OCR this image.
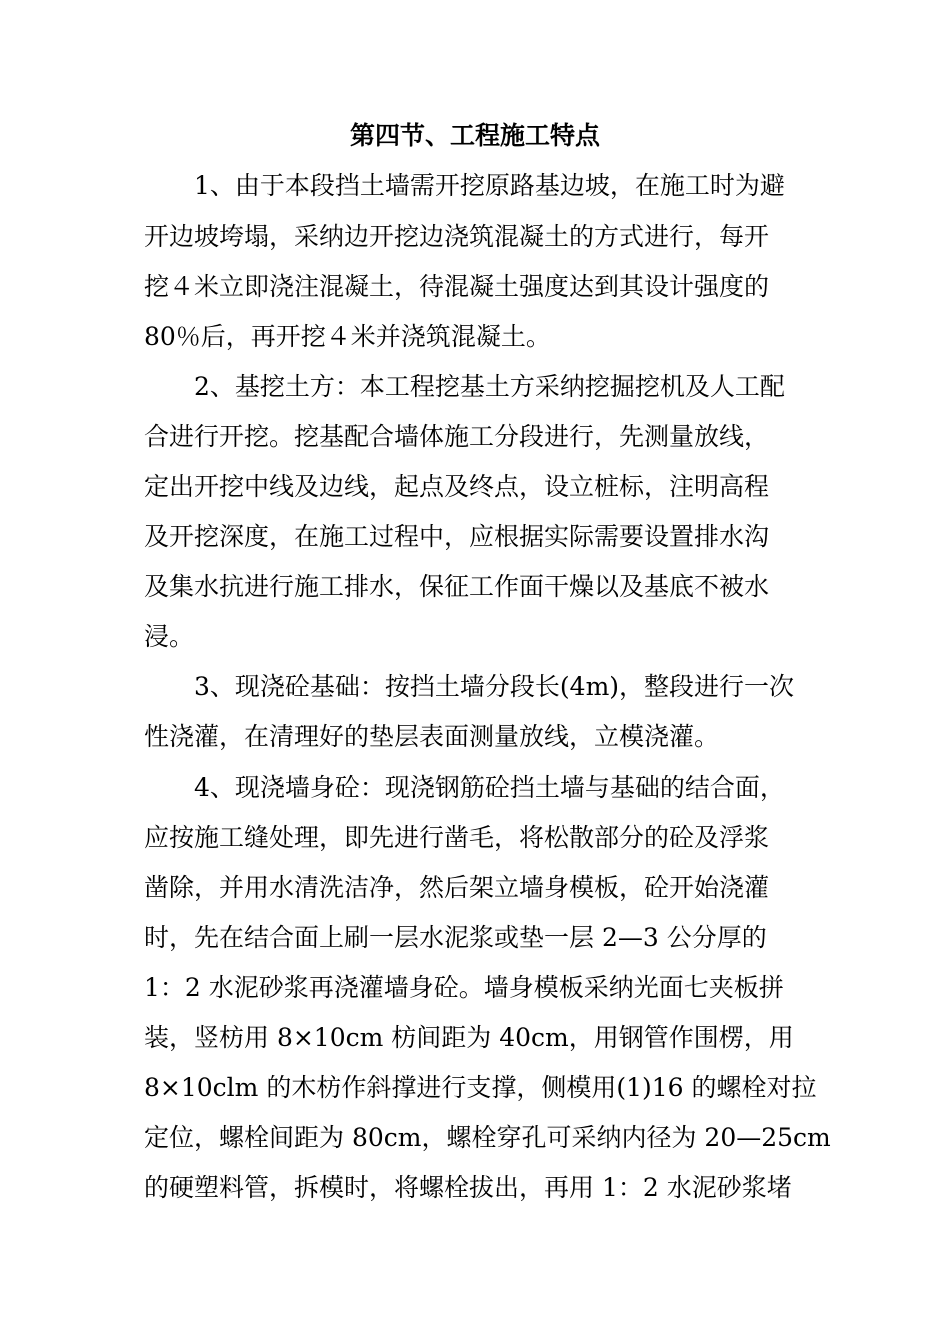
第四节、工程施工特点
1、由于本段挡土墙需开挖原路基边坡，在施工时为避
开边坡垮塌，采纳边开挖边浇筑混凝土的方式进行，每开
挖４米立即浇注混凝土，待混凝土强度达到其设计强度的
80％后，再开挖４米并浇筑混凝土。
2、基挖土方：本工程挖基土方采纳挖掘挖机及人工配
合进行开挖。挖基配合墙体施工分段进行，先测量放线，
定出开挖中线及边线，起点及终点，设立桩标，注明高程
及开挖深度，在施工过程中，应根据实际需要设置排水沟
及集水抗进行施工排水，保征工作面干燥以及基底不被水
浸。
3、现浇砼基础：按挡土墙分段长(4m)，整段进行一次
性浇灌，在清理好的垫层表面测量放线，立模浇灌。
4、现浇墙身砼：现浇钢筋砼挡土墙与基础的结合面，
应按施工缝处理，即先进行凿毛，将松散部分的砼及浮浆
凿除，并用水清洗洁净，然后架立墙身模板，砼开始浇灌
时，先在结合面上刷一层水泥浆或垫一层 2—3 公分厚的
1：2 水泥砂浆再浇灌墙身砼。墙身模板采纳光面七夹板拼
装，竖枋用 8×10cm 枋间距为 40cm，用钢管作围楞，用
8×10clm 的木枋作斜撑进行支撑，侧模用(1)16 的螺栓对拉
定位，螺栓间距为 80cm，螺栓穿孔可采纳内径为 20—25cm
的硬塑料管，拆模时，将螺栓拔出，再用 1：2 水泥砂浆堵
